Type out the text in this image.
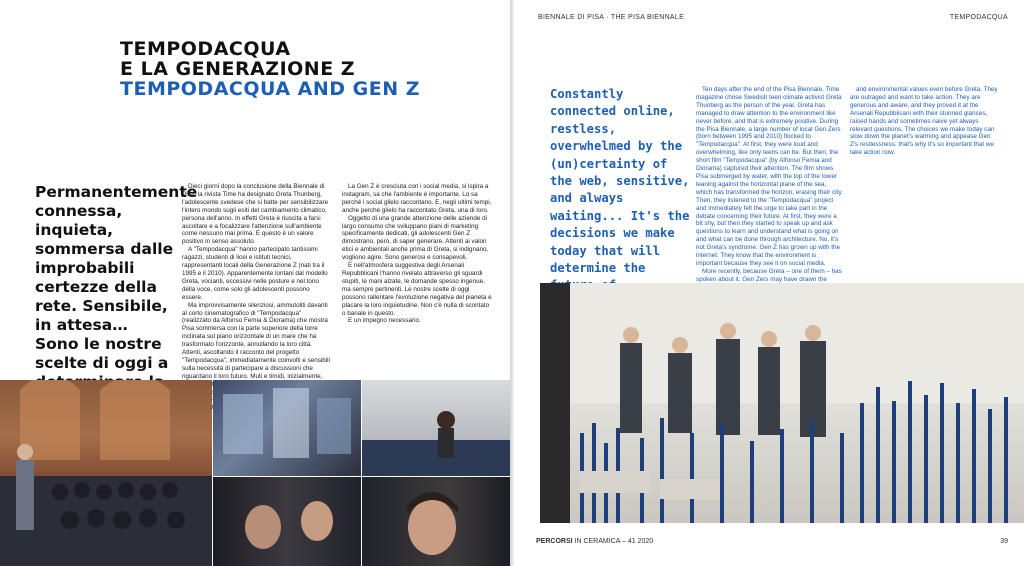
TEMPODACQUA
E LA GENERAZIONE Z
TEMPODACQUA AND GEN Z

Permanentemente connessa, inquieta, sommersa dalle improbabili certezze della rete. Sensibile, in attesa… Sono le nostre scelte di oggi a

Dieci giorni dopo la conclusione della Biennale di Pisa, la rivista Time ha designato Greta Thunberg, l'adolescente svedese che si batte per sensibilizzare l'intero mondo sugli esiti del cambiamento climatico, persona dell'anno. In effetti Greta è riuscita a farsi ascoltare e a focalizzare l'attenzione sull'ambiente come nessuno mai prima. E questo è un valore positivo in senso assoluto.

A "Tempodacqua" hanno partecipato tantissimi ragazzi, studenti di licei e istituti tecnici, rappresentanti locali della Generazione Z (nati tra il 1995 e il 2010). Apparentemente lontani dal modello Greta, vocianti, eccessivi nelle posture e nel tono della voce, come solo gli adolescenti possono essere.

Ma improvvisamente silenziosi, ammutoliti davanti al corto cinematografico di "Tempodacqua" (realizzato da Alfonso Femia & Diorama) che mostra Pisa sommersa con la parte superiore della torre inclinata sul piano orizzontale di un mare che ha trasformato l'orizzonte, annullando la loro città. Attenti, ascoltando il racconto del progetto "Tempodacqua", immediatamente coinvolti e sensibili sulla necessità di partecipare a discussioni che riguardano il loro futuro. Muti e timidi, inizialmente,

La Gen Z è cresciuta con i social media, si ispira a instagram, sa che l'ambiente è importante. Lo sa perché i social glielo raccontano. E, negli ultimi tempi, anche perché glielo ha raccontato Greta, una di loro.

Oggetto di una grande attenzione delle aziende di largo consumo che sviluppano piani di marketing specificamente dedicati, gli adolescenti Gen Z dimostrano, però, di saper generare. Attenti ai valori etici e ambientali anche prima di Greta, si indignano, vogliono agire. Sono generosi e consapevoli.

E nell'atmosfera suggestiva degli Arsenali Repubblicani l'hanno rivelato attraverso gli sguardi stupiti, le mani alzate, le domande spesso ingenue, ma sempre pertinenti. Le nostre scelte di oggi possono rallentare l'evoluzione negativa del pianeta e placare la loro inquietudine. Non c'è nulla di scontato o banale in questo.

E un impegno necessario.

BIENNALE DI PISA · THE PISA BIENNALE	TEMPODACQUA

Constantly connected online, restless, overwhelmed by the (un)certainty of the web, sensitive, and always waiting... It's the decisions we make today that will determine the

Ten days after the end of the Pisa Biennale, Time magazine chose Swedish teen climate activist Greta Thunberg as the person of the year. Greta has managed to draw attention to the environment like never before, and that is extremely positive. During the Pisa Biennale, a large number of local Gen Zers (born between 1995 and 2010) flocked to "Tempodacqua". At first, they were loud and overwhelming, like only teens can be. But then, the short film "Tempodacqua" (by Alfonso Femia and Diorama) captured their attention. The film shows Pisa submerged by water, with the top of the tower leaning against the horizontal plane of the sea, which has transformed the horizon, erasing their city. Then, they listened to the "Tempodacqua" project and immediately felt the urge to take part in the debate concerning their future. At first, they were a bit shy, but then they started to speak up and ask questions to learn and understand what is going on and what can be done through architecture. No, it's not Greta's syndrome. Gen Z has grown up with the internet. They know that the environment is important because they see it on social media.

More recently, because Greta – one of them – has spoken about it. Gen Zers may have drawn the

and environmental values even before Greta. They are outraged and want to take action. They are generous and aware, and they proved it at the Arsenali Repubblicani with their stunned glances, raised hands and sometimes naive yet always relevant questions. The choices we make today can slow down the planet's warming and appease Gen Z's restlessness; that's why it's so important that we take action now.

PERCORSI IN CERAMICA – 41 2020	39
